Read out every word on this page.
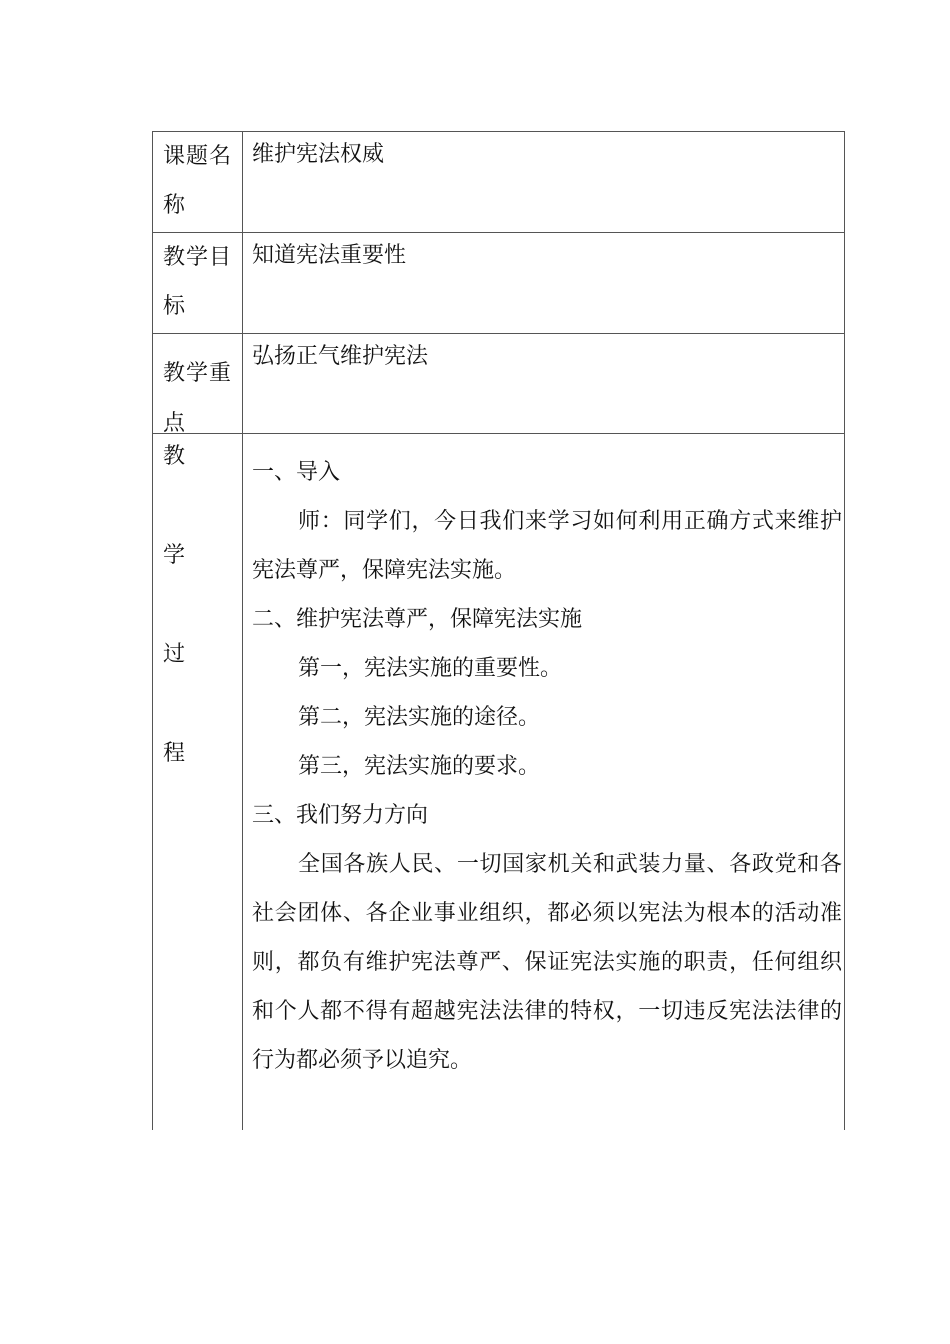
课题名称
维护宪法权威
教学目标
知道宪法重要性
教学重点
弘扬正气维护宪法
教
学
过
程
一、导入
师：同学们，今日我们来学习如何利用正确方式来维护宪法尊严，保障宪法实施。
二、维护宪法尊严，保障宪法实施
第一，宪法实施的重要性。
第二，宪法实施的途径。
第三，宪法实施的要求。
三、我们努力方向
全国各族人民、一切国家机关和武装力量、各政党和各社会团体、各企业事业组织，都必须以宪法为根本的活动准则，都负有维护宪法尊严、保证宪法实施的职责，任何组织和个人都不得有超越宪法法律的特权，一切违反宪法法律的行为都必须予以追究。
